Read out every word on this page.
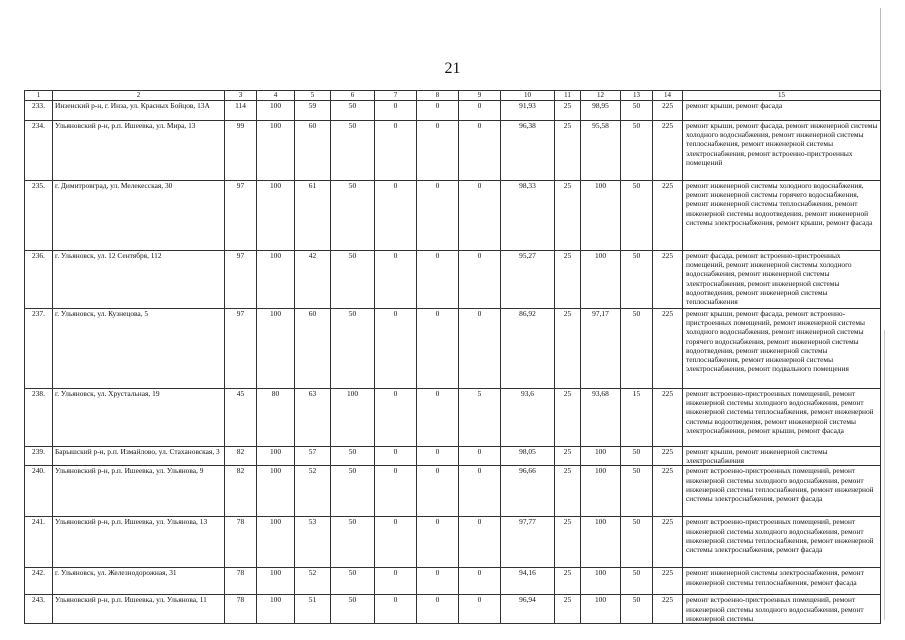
21
1	2	3	4	5	6	7	8	9	10	11	12	13	14	15
233.	Инзенский р-н, г. Инза, ул. Красных Бойцов, 13А	114	100	59	50	0	0	0	91,93	25	98,95	50	225	ремонт крыши, ремонт фасада
234.	Ульяновский р-н, р.п. Ишеевка, ул. Мира, 13	99	100	60	50	0	0	0	96,38	25	95,58	50	225	ремонт крыши, ремонт фасада, ремонт инженерной системы холодного водоснабжения, ремонт инженерной системы теплоснабжения, ремонт инженерной системы электроснабжения, ремонт встроенно-пристроенных помещений
235.	г. Димитровград, ул. Мелекесская, 30	97	100	61	50	0	0	0	98,33	25	100	50	225	ремонт инженерной системы холодного водоснабжения, ремонт инженерной системы горячего водоснабжения, ремонт инженерной системы теплоснабжения, ремонт инженерной системы водоотведения, ремонт инженерной системы электроснабжения, ремонт крыши, ремонт фасада
236.	г. Ульяновск, ул. 12 Сентября, 112	97	100	42	50	0	0	0	95,27	25	100	50	225	ремонт фасада, ремонт встроенно-пристроенных помещений, ремонт инженерной системы холодного водоснабжения, ремонт инженерной системы электроснабжения, ремонт инженерной системы водоотведения, ремонт инженерной системы теплоснабжения
237.	г. Ульяновск, ул. Кузнецова, 5	97	100	60	50	0	0	0	86,92	25	97,17	50	225	ремонт крыши, ремонт фасада, ремонт встроенно-пристроенных помещений, ремонт инженерной системы холодного водоснабжения, ремонт инженерной системы горячего водоснабжения, ремонт инженерной системы водоотведения, ремонт инженерной системы теплоснабжения, ремонт инженерной системы электроснабжения, ремонт подвального помещения
238.	г. Ульяновск, ул. Хрустальная, 19	45	80	63	100	0	0	5	93,6	25	93,68	15	225	ремонт встроенно-пристроенных помещений, ремонт инженерной системы холодного водоснабжения, ремонт инженерной системы теплоснабжения, ремонт инженерной системы водоотведения, ремонт инженерной системы электроснабжения, ремонт крыши, ремонт фасада
239.	Барышский р-н, р.п. Измайлово, ул. Стахановская, 3	82	100	57	50	0	0	0	98,05	25	100	50	225	ремонт крыши, ремонт инженерной системы электроснабжения
240.	Ульяновский р-н, р.п. Ишеевка, ул. Ульянова, 9	82	100	52	50	0	0	0	96,66	25	100	50	225	ремонт встроенно-пристроенных помещений, ремонт инженерной системы холодного водоснабжения, ремонт инженерной системы теплоснабжения, ремонт инженерной системы электроснабжения, ремонт фасада
241.	Ульяновский р-н, р.п. Ишеевка, ул. Ульянова, 13	78	100	53	50	0	0	0	97,77	25	100	50	225	ремонт встроенно-пристроенных помещений, ремонт инженерной системы холодного водоснабжения, ремонт инженерной системы теплоснабжения, ремонт инженерной системы электроснабжения, ремонт фасада
242.	г. Ульяновск, ул. Железнодорожная, 31	78	100	52	50	0	0	0	94,16	25	100	50	225	ремонт инженерной системы электроснабжения, ремонт инженерной системы теплоснабжения, ремонт фасада
243.	Ульяновский р-н, р.п. Ишеевка, ул. Ульянова, 11	78	100	51	50	0	0	0	96,94	25	100	50	225	ремонт встроенно-пристроенных помещений, ремонт инженерной системы холодного водоснабжения, ремонт инженерной системы
